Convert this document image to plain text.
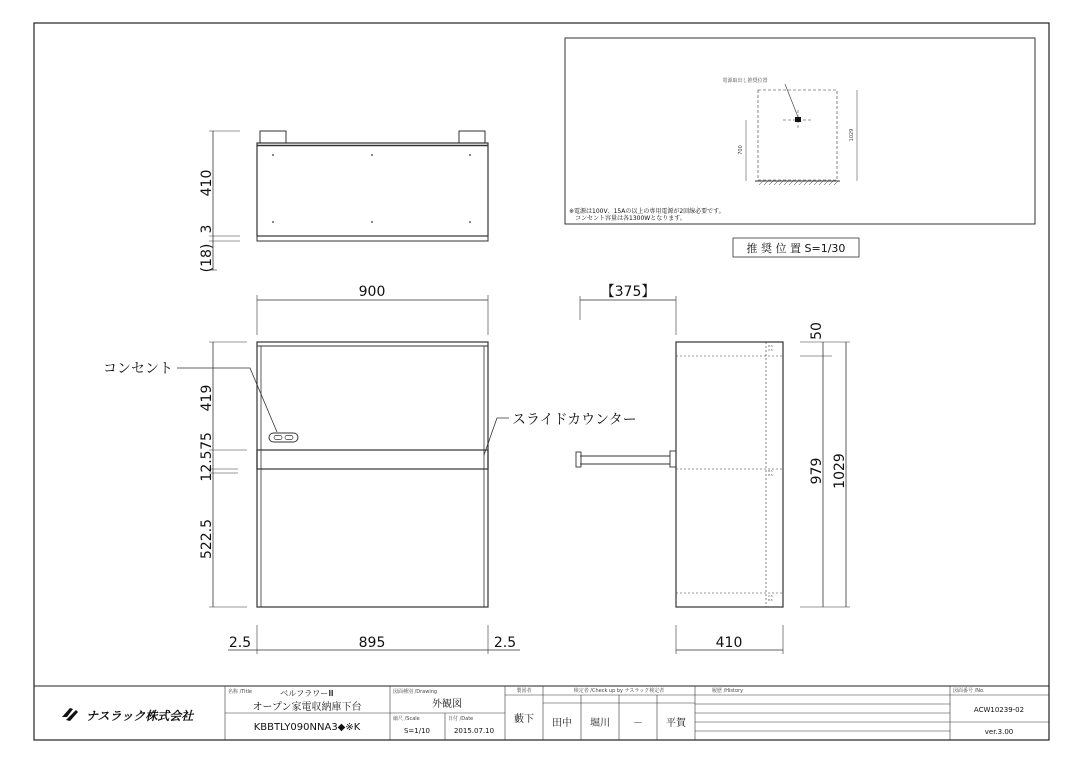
410
3
(18)
900
419
75
12.5
522.5
2.5	895	2.5
コンセント
スライドカウンター
8.5
2.5
8.5
8.5
2.5
8.5
【375】
50
979 1029
410
電源取出し推奨位置
700
1029
※電源は100V、15Aの以上の専用電源が2回線必要です。
コンセント容量は各1300Wとなります。
推 奨 位 置 S=1/30
ナスラック株式会社
名称 /Title	ベルフラワーⅢ
オープン家電収納庫下台
KBBTLY090NNA3◆※K
図面種別 /Drawing
外観図
縮尺 /Scale
S=1/10
日付 /Date
2015.07.10
製図者
藪下
検定者 /Check up by ナスラック検定者
田中 堀川 － 平賀
履歴 /History	図面番号 /No.
ACW10239-02
ver.3.00
